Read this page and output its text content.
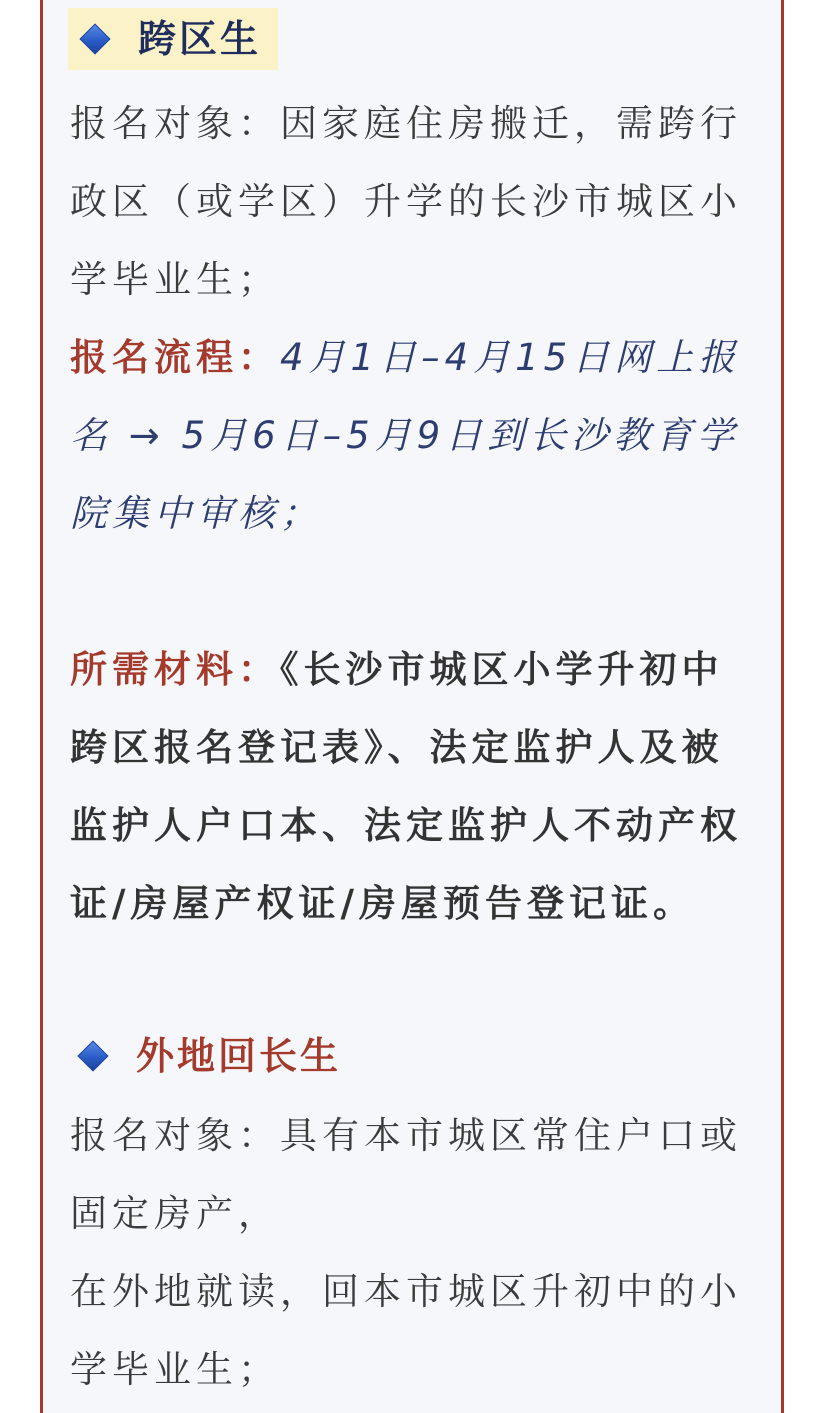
跨区生
报名对象：因家庭住房搬迁，需跨行
政区（或学区）升学的长沙市城区小
学毕业生；
报名流程：4月1日–4月15日网上报
名 → 5月6日–5月9日到长沙教育学
院集中审核；
所需材料：《长沙市城区小学升初中
跨区报名登记表》、法定监护人及被
监护人户口本、法定监护人不动产权
证/房屋产权证/房屋预告登记证。
外地回长生
报名对象：具有本市城区常住户口或
固定房产，
在外地就读，回本市城区升初中的小
学毕业生；
